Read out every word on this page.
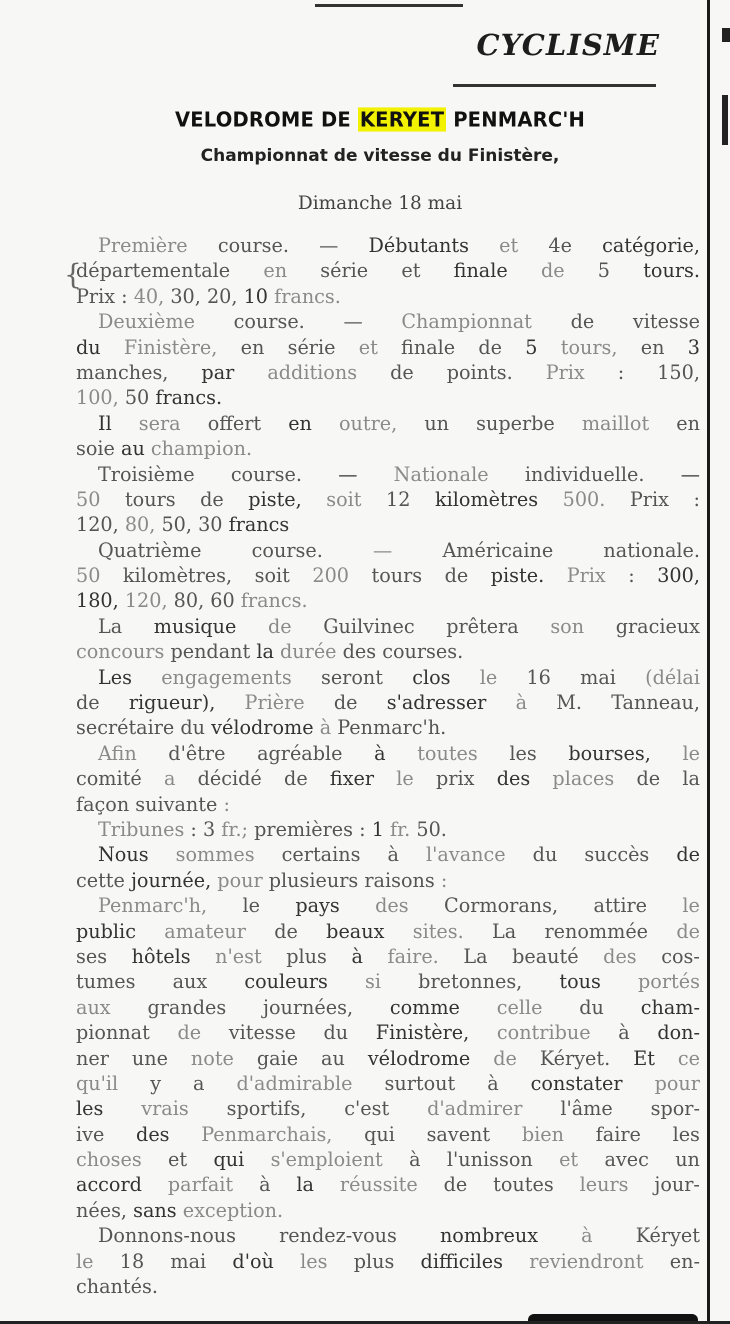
CYCLISME
VELODROME DE KERYET PENMARC'H
Championnat de vitesse du Finistère,
Dimanche 18 mai
{
Première course. — Débutants et 4e catégorie,
départementale en série et finale de 5 tours.
Prix : 40, 30, 20, 10 francs.
Deuxième course. — Championnat de vitesse
du Finistère, en série et finale de 5 tours, en 3
manches, par additions de points. Prix : 150,
100, 50 francs.
Il sera offert en outre, un superbe maillot en
soie au champion.
Troisième course. — Nationale individuelle. —
50 tours de piste, soit 12 kilomètres 500. Prix :
120, 80, 50, 30 francs
Quatrième	course.	—	Américaine	nationale.
50 kilomètres, soit 200 tours de piste. Prix : 300,
180, 120, 80, 60 francs.
La musique de Guilvinec prêtera son gracieux
concours pendant la durée des courses.
Les engagements seront clos le 16 mai (délai
de rigueur), Prière de s'adresser à M. Tanneau,
secrétaire du vélodrome à Penmarc'h.
Afin d'être agréable à toutes les bourses, le
comité a décidé de fixer le prix des places de la
façon suivante :
Tribunes : 3 fr.; premières : 1 fr. 50.
Nous sommes certains à l'avance du succès de
cette journée, pour plusieurs raisons :
Penmarc'h, le pays des Cormorans, attire le
public amateur de beaux sites. La renommée de
ses hôtels n'est plus à faire. La beauté des cos-
tumes aux couleurs si bretonnes, tous portés
aux grandes journées, comme celle du cham-
pionnat de vitesse du Finistère, contribue à don-
ner une note gaie au vélodrome de Kéryet. Et ce
qu'il y a d'admirable surtout à constater pour
les vrais sportifs, c'est d'admirer l'âme spor-
ive des Penmarchais, qui savent bien faire les
choses et qui s'emploient à l'unisson et avec un
accord parfait à la réussite de toutes leurs jour-
nées, sans exception.
Donnons-nous rendez-vous nombreux à Kéryet
le 18 mai d'où les plus difficiles reviendront en-
chantés.
